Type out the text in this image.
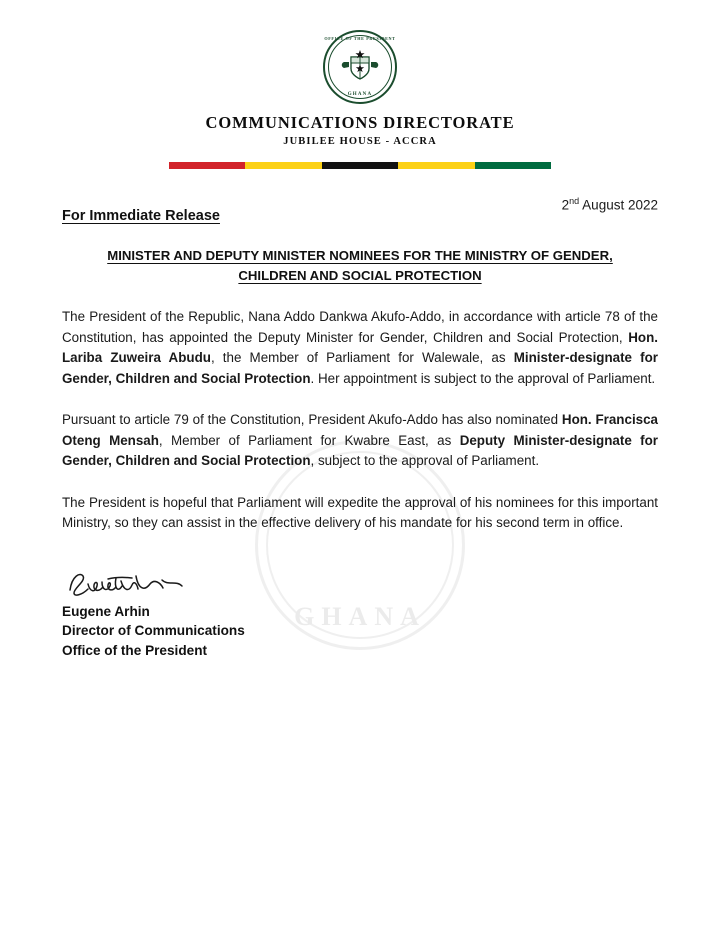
GHANA
OFFICE OF THE PRESIDENT
GHANA
COMMUNICATIONS DIRECTORATE
JUBILEE HOUSE - ACCRA
2nd August 2022
For Immediate Release
MINISTER AND DEPUTY MINISTER NOMINEES FOR THE MINISTRY OF GENDER,
CHILDREN AND SOCIAL PROTECTION

The President of the Republic, Nana Addo Dankwa Akufo-Addo, in accordance with article 78 of the Constitution, has appointed the Deputy Minister for Gender, Children and Social Protection, Hon. Lariba Zuweira Abudu, the Member of Parliament for Walewale, as Minister-designate for Gender, Children and Social Protection. Her appointment is subject to the approval of Parliament.

Pursuant to article 79 of the Constitution, President Akufo-Addo has also nominated Hon. Francisca Oteng Mensah, Member of Parliament for Kwabre East, as Deputy Minister-designate for Gender, Children and Social Protection, subject to the approval of Parliament.

The President is hopeful that Parliament will expedite the approval of his nominees for this important Ministry, so they can assist in the effective delivery of his mandate for his second term in office.

Eugene Arhin
Director of Communications
Office of the President
